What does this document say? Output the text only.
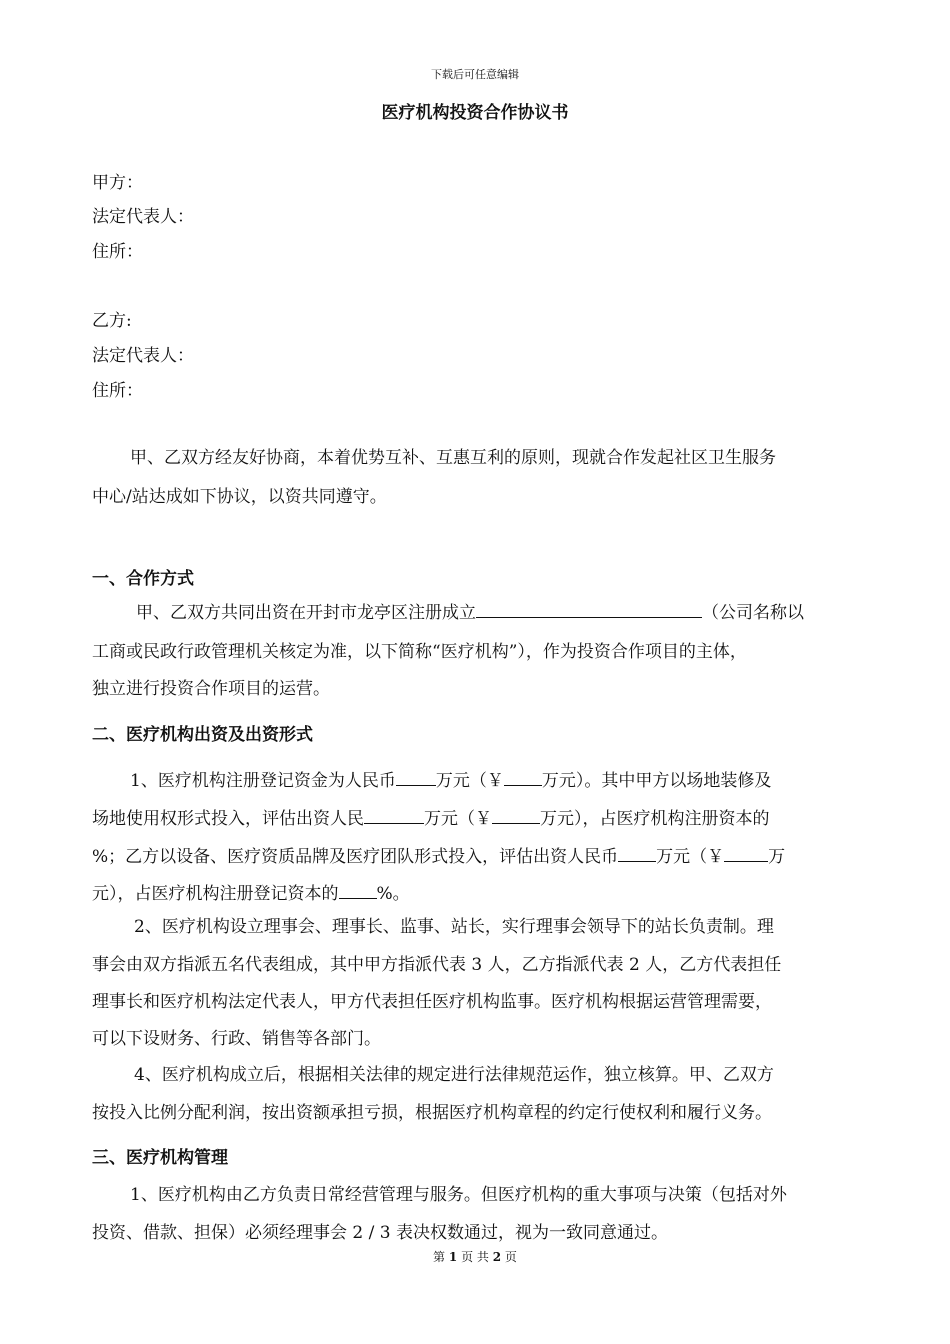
下载后可任意编辑
医疗机构投资合作协议书
甲方：
法定代表人：
住所：
乙方:
法定代表人：
住所：
甲、乙双方经友好协商，本着优势互补、互惠互利的原则，现就合作发起社区卫生服务
中心/站达成如下协议，以资共同遵守。
一、合作方式
甲、乙双方共同出资在开封市龙亭区注册成立	（公司名称以
工商或民政行政管理机关核定为准，以下简称“医疗机构”），作为投资合作项目的主体，
独立进行投资合作项目的运营。
二、医疗机构出资及出资形式
1、医疗机构注册登记资金为人民币 万元（￥ 万元）。其中甲方以场地装修及
场地使用权形式投入，评估出资人民	万元（￥	万元），占医疗机构注册资本的
%；乙方以设备、医疗资质品牌及医疗团队形式投入，评估出资人民币 万元（￥	万
元），占医疗机构注册登记资本的 %。
2、医疗机构设立理事会、理事长、监事、站长，实行理事会领导下的站长负责制。理
事会由双方指派五名代表组成，其中甲方指派代表 3 人，乙方指派代表 2 人，乙方代表担任
理事长和医疗机构法定代表人，甲方代表担任医疗机构监事。医疗机构根据运营管理需要，
可以下设财务、行政、销售等各部门。
4、医疗机构成立后，根据相关法律的规定进行法律规范运作，独立核算。甲、乙双方
按投入比例分配利润，按出资额承担亏损，根据医疗机构章程的约定行使权利和履行义务。
三、医疗机构管理
1、医疗机构由乙方负责日常经营管理与服务。但医疗机构的重大事项与决策（包括对外
投资、借款、担保）必须经理事会 2 / 3 表决权数通过，视为一致同意通过。
第 1 页 共 2 页
